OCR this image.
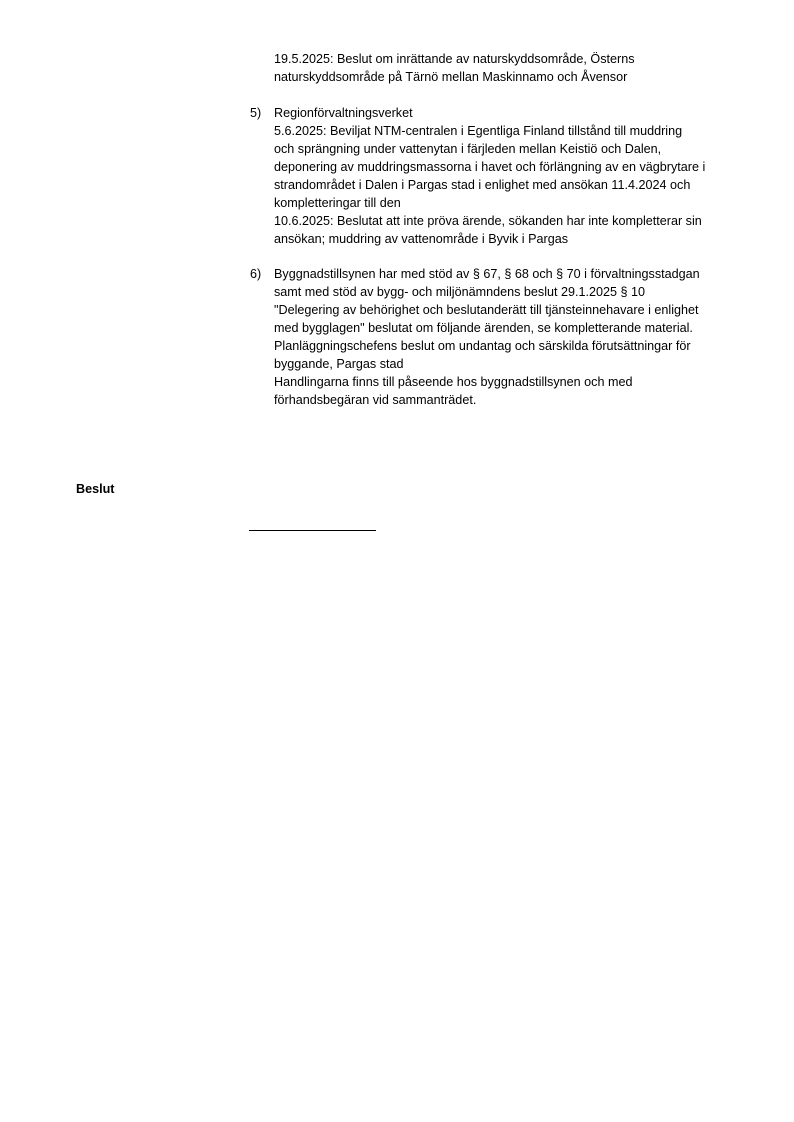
19.5.2025: Beslut om inrättande av naturskyddsområde, Österns
naturskyddsområde på Tärnö mellan Maskinnamo och Åvensor
5)	Regionförvaltningsverket
5.6.2025: Beviljat NTM-centralen i Egentliga Finland tillstånd till muddring
och sprängning under vattenytan i färjleden mellan Keistiö och Dalen,
deponering av muddringsmassorna i havet och förlängning av en vägbrytare i
strandområdet i Dalen i Pargas stad i enlighet med ansökan 11.4.2024 och
kompletteringar till den
10.6.2025: Beslutat att inte pröva ärende, sökanden har inte kompletterar sin
ansökan; muddring av vattenområde i Byvik i Pargas
6)	Byggnadstillsynen har med stöd av § 67, § 68 och § 70 i förvaltningsstadgan
samt med stöd av bygg- och miljönämndens beslut 29.1.2025 § 10
"Delegering av behörighet och beslutanderätt till tjänsteinnehavare i enlighet
med bygglagen" beslutat om följande ärenden, se kompletterande material.
Planläggningschefens beslut om undantag och särskilda förutsättningar för
byggande, Pargas stad
Handlingarna finns till påseende hos byggnadstillsynen och med
förhandsbegäran vid sammanträdet.
Beslut
